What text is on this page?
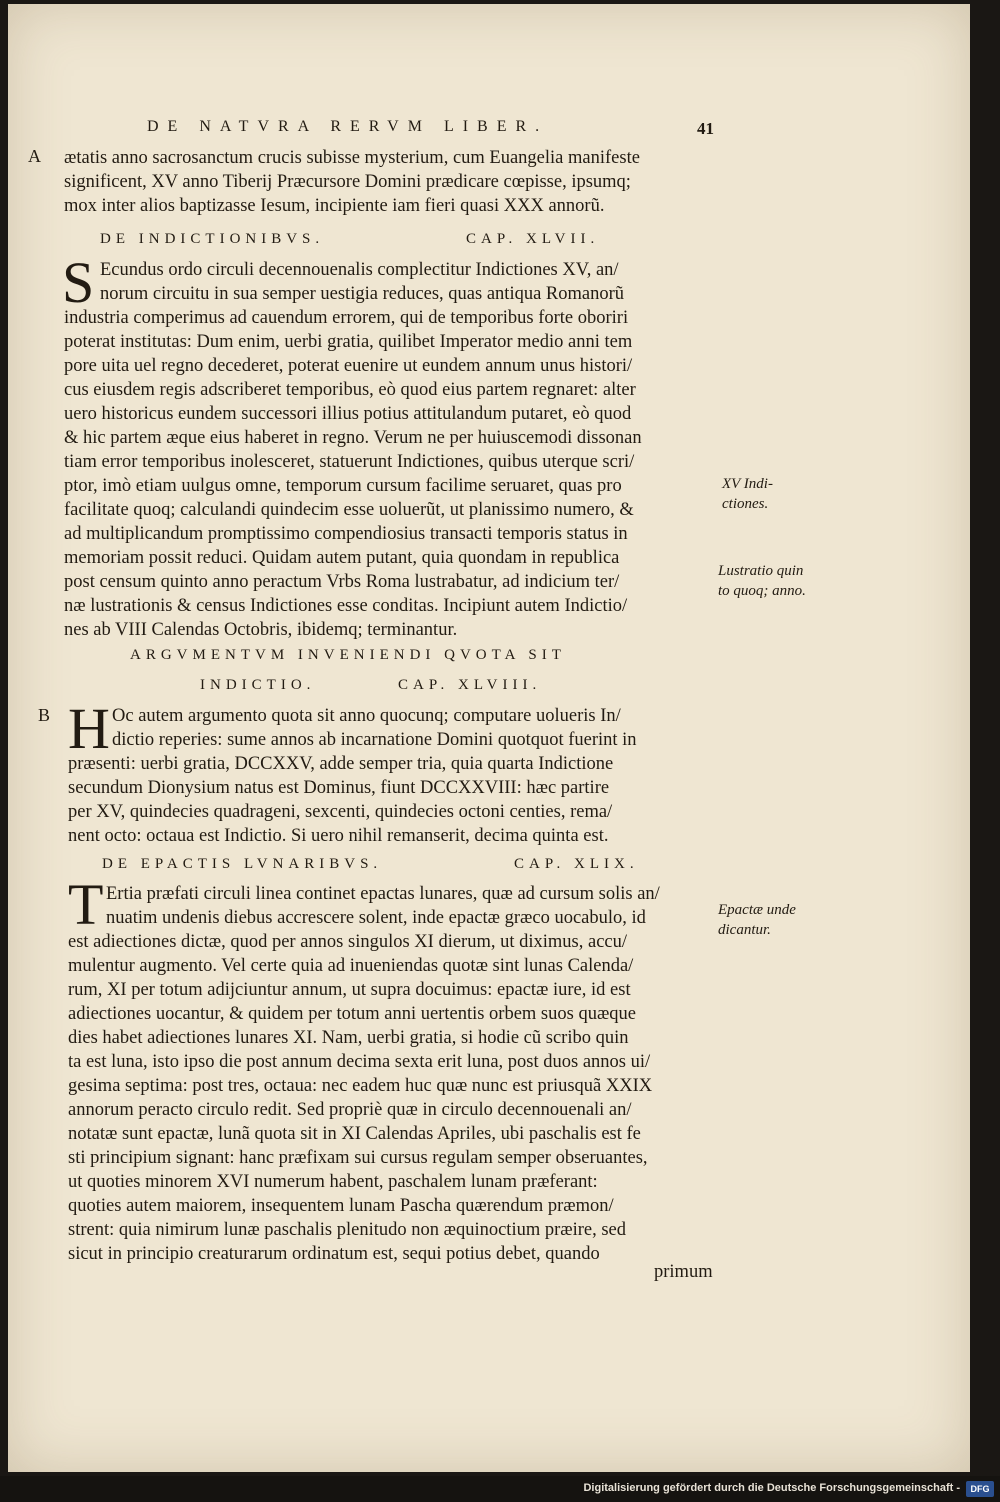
DE NATVRA RERVM LIBER.	41
A
B
ætatis anno sacrosanctum crucis subisse mysterium, cum Euangelia manifeste
significent, XV anno Tiberij Præcursore Domini prædicare cœpisse, ipsumq;
mox inter alios baptizasse Iesum, incipiente iam fieri quasi XXX annorũ.
DE INDICTIONIBVS.	CAP. XLVII.
S Ecundus ordo circuli decennouenalis complectitur Indictiones XV, an/
norum circuitu in sua semper uestigia reduces, quas antiqua Romanorũ
industria comperimus ad cauendum errorem, qui de temporibus forte oboriri
poterat institutas: Dum enim, uerbi gratia, quilibet Imperator medio anni tem
pore uita uel regno decederet, poterat euenire ut eundem annum unus histori/
cus eiusdem regis adscriberet temporibus, eò quod eius partem regnaret: alter
uero historicus eundem successori illius potius attitulandum putaret, eò quod
& hic partem æque eius haberet in regno. Verum ne per huiuscemodi dissonan
tiam error temporibus inolesceret, statuerunt Indictiones, quibus uterque scri/
ptor, imò etiam uulgus omne, temporum cursum facilime seruaret, quas pro
facilitate quoq; calculandi quindecim esse uoluerũt, ut planissimo numero, &
ad multiplicandum promptissimo compendiosius transacti temporis status in
memoriam possit reduci. Quidam autem putant, quia quondam in republica
post censum quinto anno peractum Vrbs Roma lustrabatur, ad indicium ter/
næ lustrationis & census Indictiones esse conditas. Incipiunt autem Indictio/
nes ab VIII Calendas Octobris, ibidemq; terminantur.
XV Indi-
ctiones.
Lustratio quin
to quoq; anno.
ARGVMENTVM INVENIENDI QVOTA SIT
INDICTIO.	CAP. XLVIII.
H Oc autem argumento quota sit anno quocunq; computare uolueris In/
dictio reperies: sume annos ab incarnatione Domini quotquot fuerint in
præsenti: uerbi gratia, DCCXXV, adde semper tria, quia quarta Indictione
secundum Dionysium natus est Dominus, fiunt DCCXXVIII: hæc partire
per XV, quindecies quadrageni, sexcenti, quindecies octoni centies, rema/
nent octo: octaua est Indictio. Si uero nihil remanserit, decima quinta est.
DE EPACTIS LVNARIBVS.	CAP. XLIX.
T Ertia præfati circuli linea continet epactas lunares, quæ ad cursum solis an/
nuatim undenis diebus accrescere solent, inde epactæ græco uocabulo, id
est adiectiones dictæ, quod per annos singulos XI dierum, ut diximus, accu/
mulentur augmento. Vel certe quia ad inueniendas quotæ sint lunas Calenda/
rum, XI per totum adijciuntur annum, ut supra docuimus: epactæ iure, id est
adiectiones uocantur, & quidem per totum anni uertentis orbem suos quæque
dies habet adiectiones lunares XI. Nam, uerbi gratia, si hodie cũ scribo quin
ta est luna, isto ipso die post annum decima sexta erit luna, post duos annos ui/
gesima septima: post tres, octaua: nec eadem huc quæ nunc est priusquã XXIX
annorum peracto circulo redit. Sed propriè quæ in circulo decennouenali an/
notatæ sunt epactæ, lunã quota sit in XI Calendas Apriles, ubi paschalis est fe
sti principium signant: hanc præfixam sui cursus regulam semper obseruantes,
ut quoties minorem XVI numerum habent, paschalem lunam præferant:
quoties autem maiorem, insequentem lunam Pascha quærendum præmon/
strent: quia nimirum lunæ paschalis plenitudo non æquinoctium præire, sed
sicut in principio creaturarum ordinatum est, sequi potius debet, quando
Epactæ unde
dicantur.
primum
Digitalisierung gefördert durch die Deutsche Forschungsgemeinschaft -	DFG
